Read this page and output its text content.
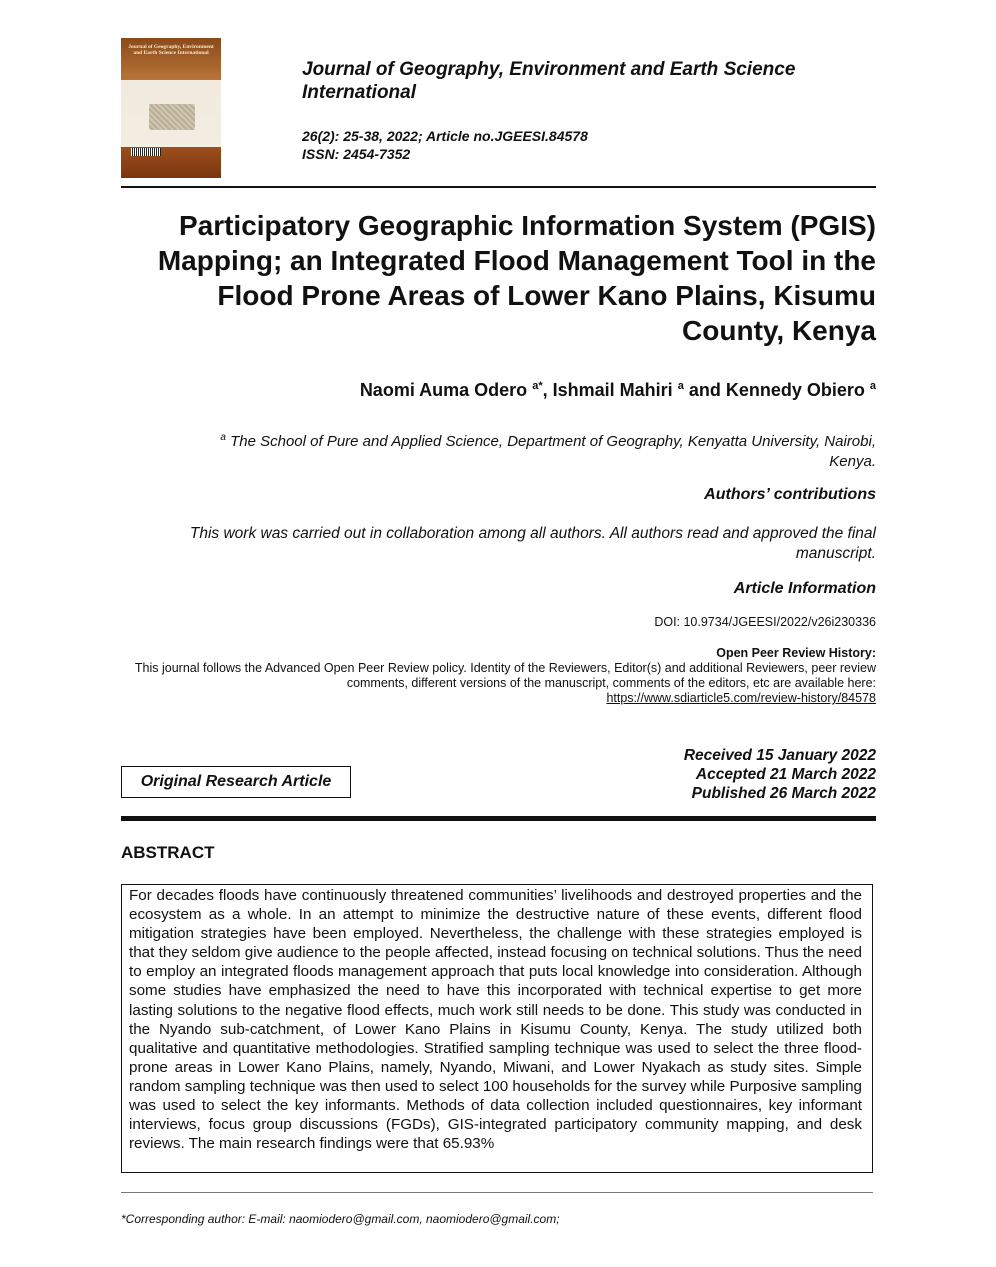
Journal of Geography, Environment and Earth Science International
Journal of Geography, Environment and Earth Science International
26(2): 25-38, 2022; Article no.JGEESI.84578
ISSN: 2454-7352
Participatory Geographic Information System (PGIS) Mapping; an Integrated Flood Management Tool in the Flood Prone Areas of Lower Kano Plains, Kisumu County, Kenya
Naomi Auma Odero $^{a*}$, Ishmail Mahiri $^a$ and Kennedy Obiero $^a$
$^a$ The School of Pure and Applied Science, Department of Geography, Kenyatta University, Nairobi, Kenya.
Authors’ contributions
This work was carried out in collaboration among all authors. All authors read and approved the final manuscript.
Article Information
DOI: 10.9734/JGEESI/2022/v26i230336
Open Peer Review History:
This journal follows the Advanced Open Peer Review policy. Identity of the Reviewers, Editor(s) and additional Reviewers, peer review comments, different versions of the manuscript, comments of the editors, etc are available here:
https://www.sdiarticle5.com/review-history/84578
Received 15 January 2022
Accepted 21 March 2022
Published 26 March 2022
Original Research Article
ABSTRACT
For decades floods have continuously threatened communities’ livelihoods and destroyed properties and the ecosystem as a whole. In an attempt to minimize the destructive nature of these events, different flood mitigation strategies have been employed. Nevertheless, the challenge with these strategies employed is that they seldom give audience to the people affected, instead focusing on technical solutions. Thus the need to employ an integrated floods management approach that puts local knowledge into consideration. Although some studies have emphasized the need to have this incorporated with technical expertise to get more lasting solutions to the negative flood effects, much work still needs to be done. This study was conducted in the Nyando sub-catchment, of Lower Kano Plains in Kisumu County, Kenya. The study utilized both qualitative and quantitative methodologies. Stratified sampling technique was used to select the three flood-prone areas in Lower Kano Plains, namely, Nyando, Miwani, and Lower Nyakach as study sites. Simple random sampling technique was then used to select 100 households for the survey while Purposive sampling was used to select the key informants. Methods of data collection included questionnaires, key informant interviews, focus group discussions (FGDs), GIS-integrated participatory community mapping, and desk reviews. The main research findings were that 65.93%
*Corresponding author: E-mail: naomiodero@gmail.com, naomiodero@gmail.com;
